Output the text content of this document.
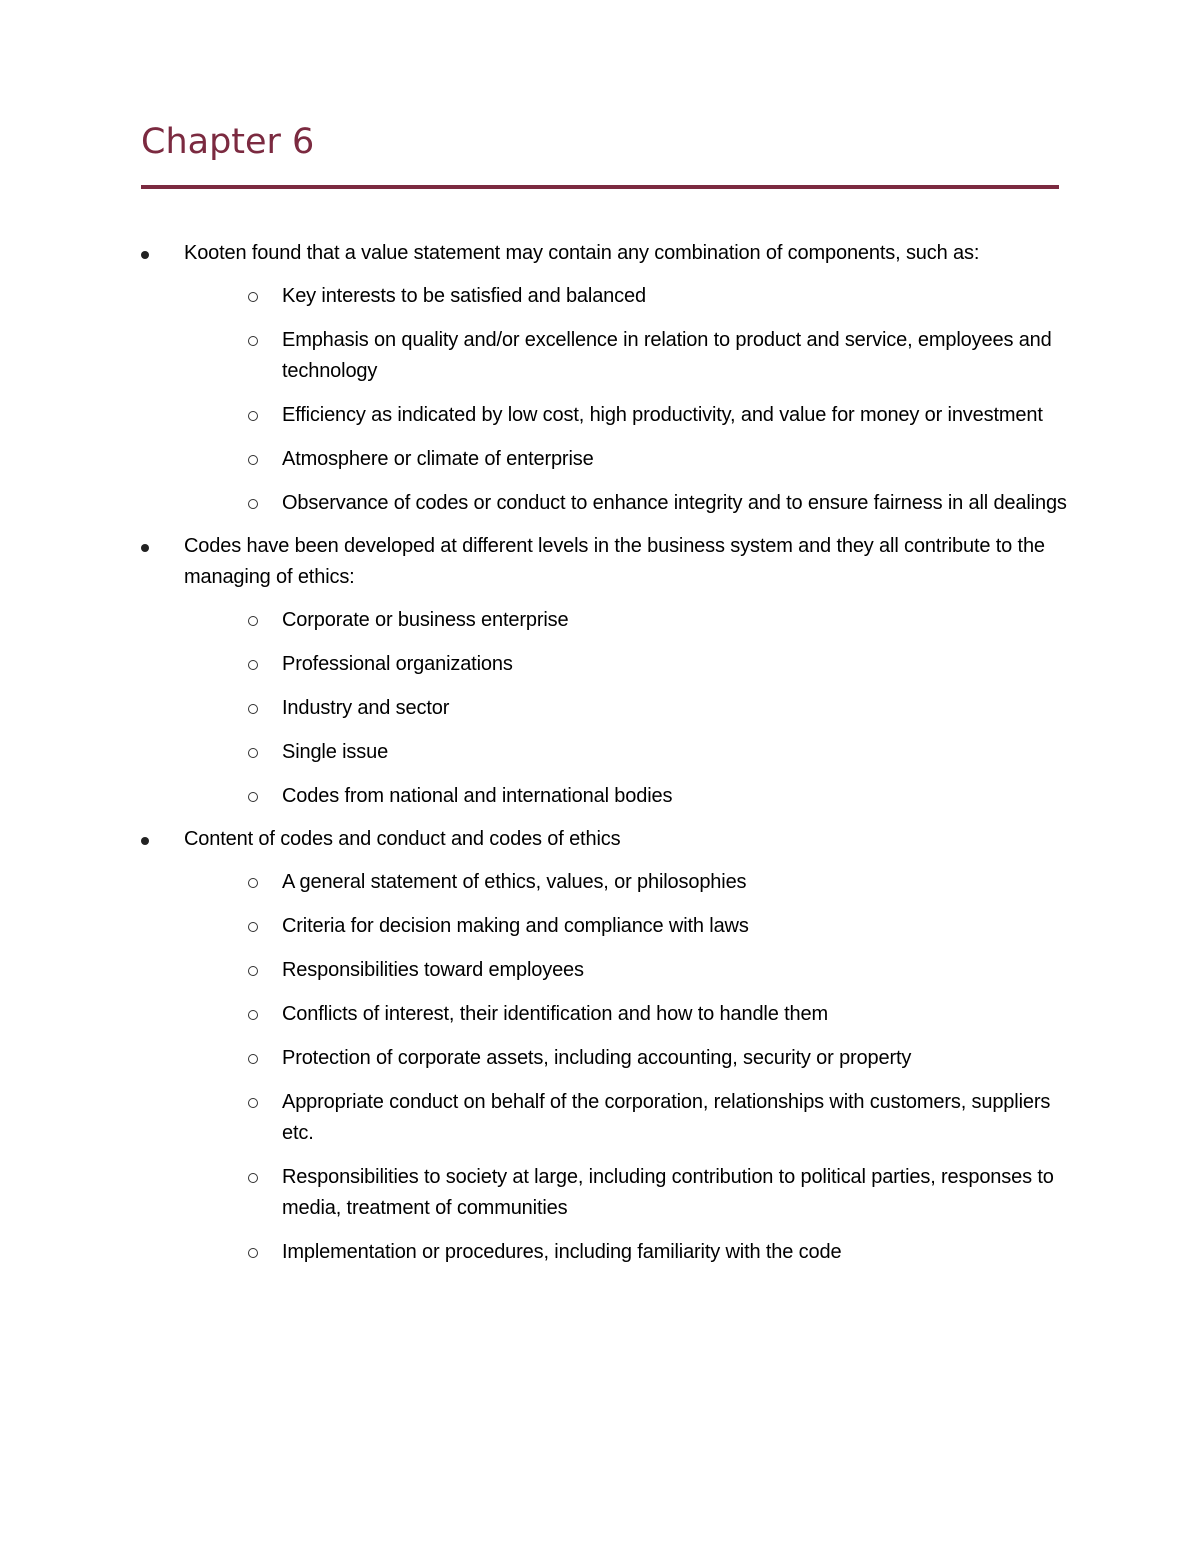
Chapter 6
Kooten found that a value statement may contain any combination of components, such as:
Key interests to be satisfied and balanced
Emphasis on quality and/or excellence in relation to product and service, employees and technology
Efficiency as indicated by low cost, high productivity, and value for money or investment
Atmosphere or climate of enterprise
Observance of codes or conduct to enhance integrity and to ensure fairness in all dealings
Codes have been developed at different levels in the business system and they all contribute to the managing of ethics:
Corporate or business enterprise
Professional organizations
Industry and sector
Single issue
Codes from national and international bodies
Content of codes and conduct and codes of ethics
A general statement of ethics, values, or philosophies
Criteria for decision making and compliance with laws
Responsibilities toward employees
Conflicts of interest, their identification and how to handle them
Protection of corporate assets, including accounting, security or property
Appropriate conduct on behalf of the corporation, relationships with customers, suppliers etc.
Responsibilities to society at large, including contribution to political parties, responses to media, treatment of communities
Implementation or procedures, including familiarity with the code
